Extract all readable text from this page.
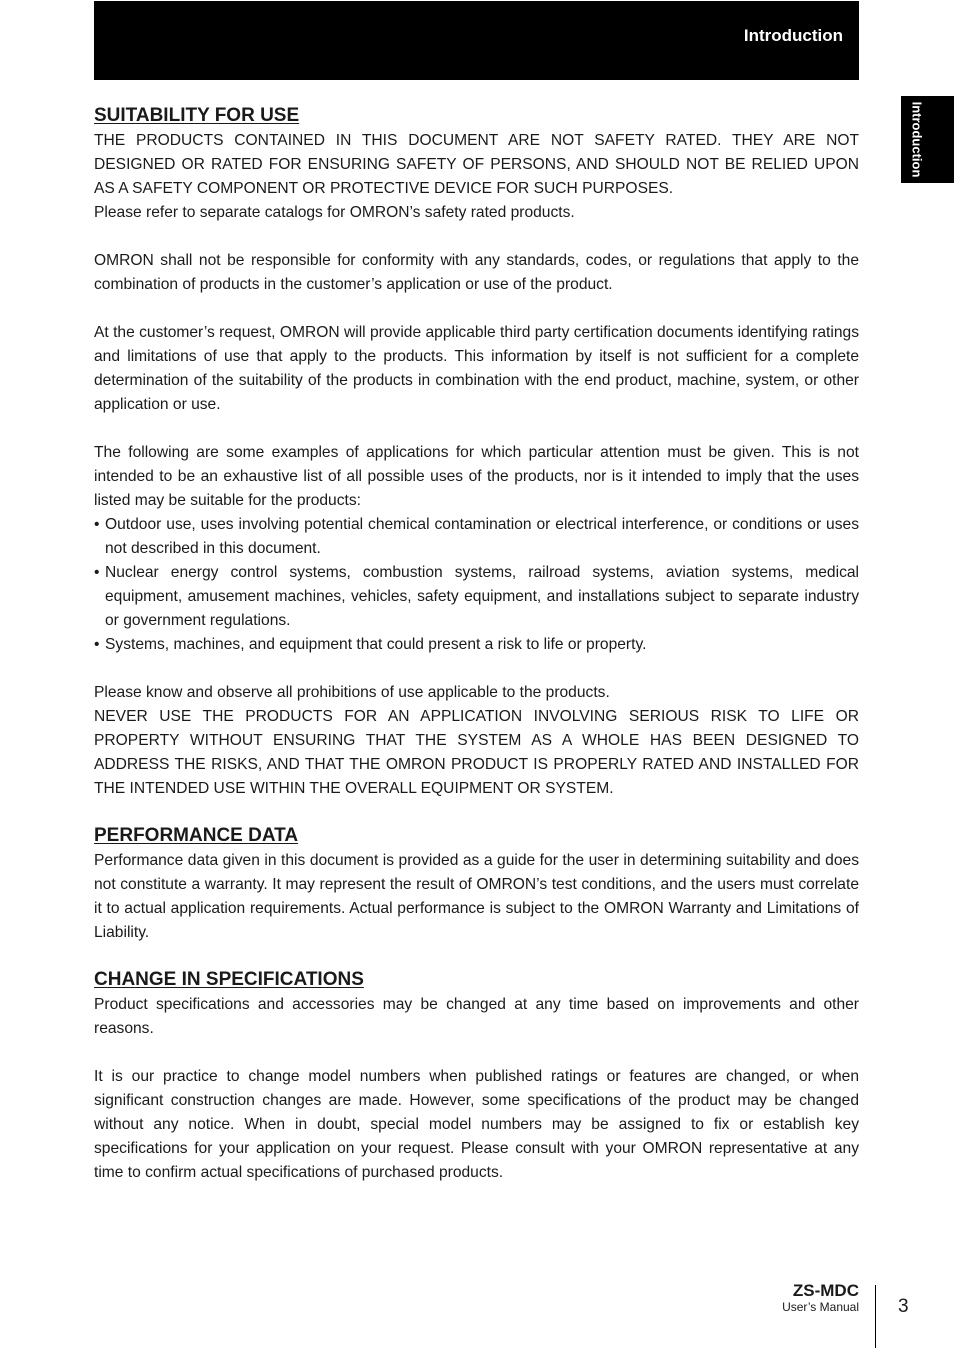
Introduction
Introduction
SUITABILITY FOR USE

THE PRODUCTS CONTAINED IN THIS DOCUMENT ARE NOT SAFETY RATED. THEY ARE NOT DESIGNED OR RATED FOR ENSURING SAFETY OF PERSONS, AND SHOULD NOT BE RELIED UPON AS A SAFETY COMPONENT OR PROTECTIVE DEVICE FOR SUCH PURPOSES.

Please refer to separate catalogs for OMRON’s safety rated products.

OMRON shall not be responsible for conformity with any standards, codes, or regulations that apply to the combination of products in the customer’s application or use of the product.

At the customer’s request, OMRON will provide applicable third party certification documents identifying ratings and limitations of use that apply to the products. This information by itself is not sufficient for a complete determination of the suitability of the products in combination with the end product, machine, system, or other application or use.

The following are some examples of applications for which particular attention must be given. This is not intended to be an exhaustive list of all possible uses of the products, nor is it intended to imply that the uses listed may be suitable for the products:

• Outdoor use, uses involving potential chemical contamination or electrical interference, or conditions or uses not described in this document.
• Nuclear energy control systems, combustion systems, railroad systems, aviation systems, medical equipment, amusement machines, vehicles, safety equipment, and installations subject to separate industry or government regulations.
• Systems, machines, and equipment that could present a risk to life or property.

Please know and observe all prohibitions of use applicable to the products.

NEVER USE THE PRODUCTS FOR AN APPLICATION INVOLVING SERIOUS RISK TO LIFE OR PROPERTY WITHOUT ENSURING THAT THE SYSTEM AS A WHOLE HAS BEEN DESIGNED TO ADDRESS THE RISKS, AND THAT THE OMRON PRODUCT IS PROPERLY RATED AND INSTALLED FOR THE INTENDED USE WITHIN THE OVERALL EQUIPMENT OR SYSTEM.

PERFORMANCE DATA

Performance data given in this document is provided as a guide for the user in determining suitability and does not constitute a warranty. It may represent the result of OMRON’s test conditions, and the users must correlate it to actual application requirements. Actual performance is subject to the OMRON Warranty and Limitations of Liability.

CHANGE IN SPECIFICATIONS

Product specifications and accessories may be changed at any time based on improvements and other reasons.

It is our practice to change model numbers when published ratings or features are changed, or when significant construction changes are made. However, some specifications of the product may be changed without any notice. When in doubt, special model numbers may be assigned to fix or establish key specifications for your application on your request. Please consult with your OMRON representative at any time to confirm actual specifications of purchased products.

ZS-MDC
User’s Manual 3
